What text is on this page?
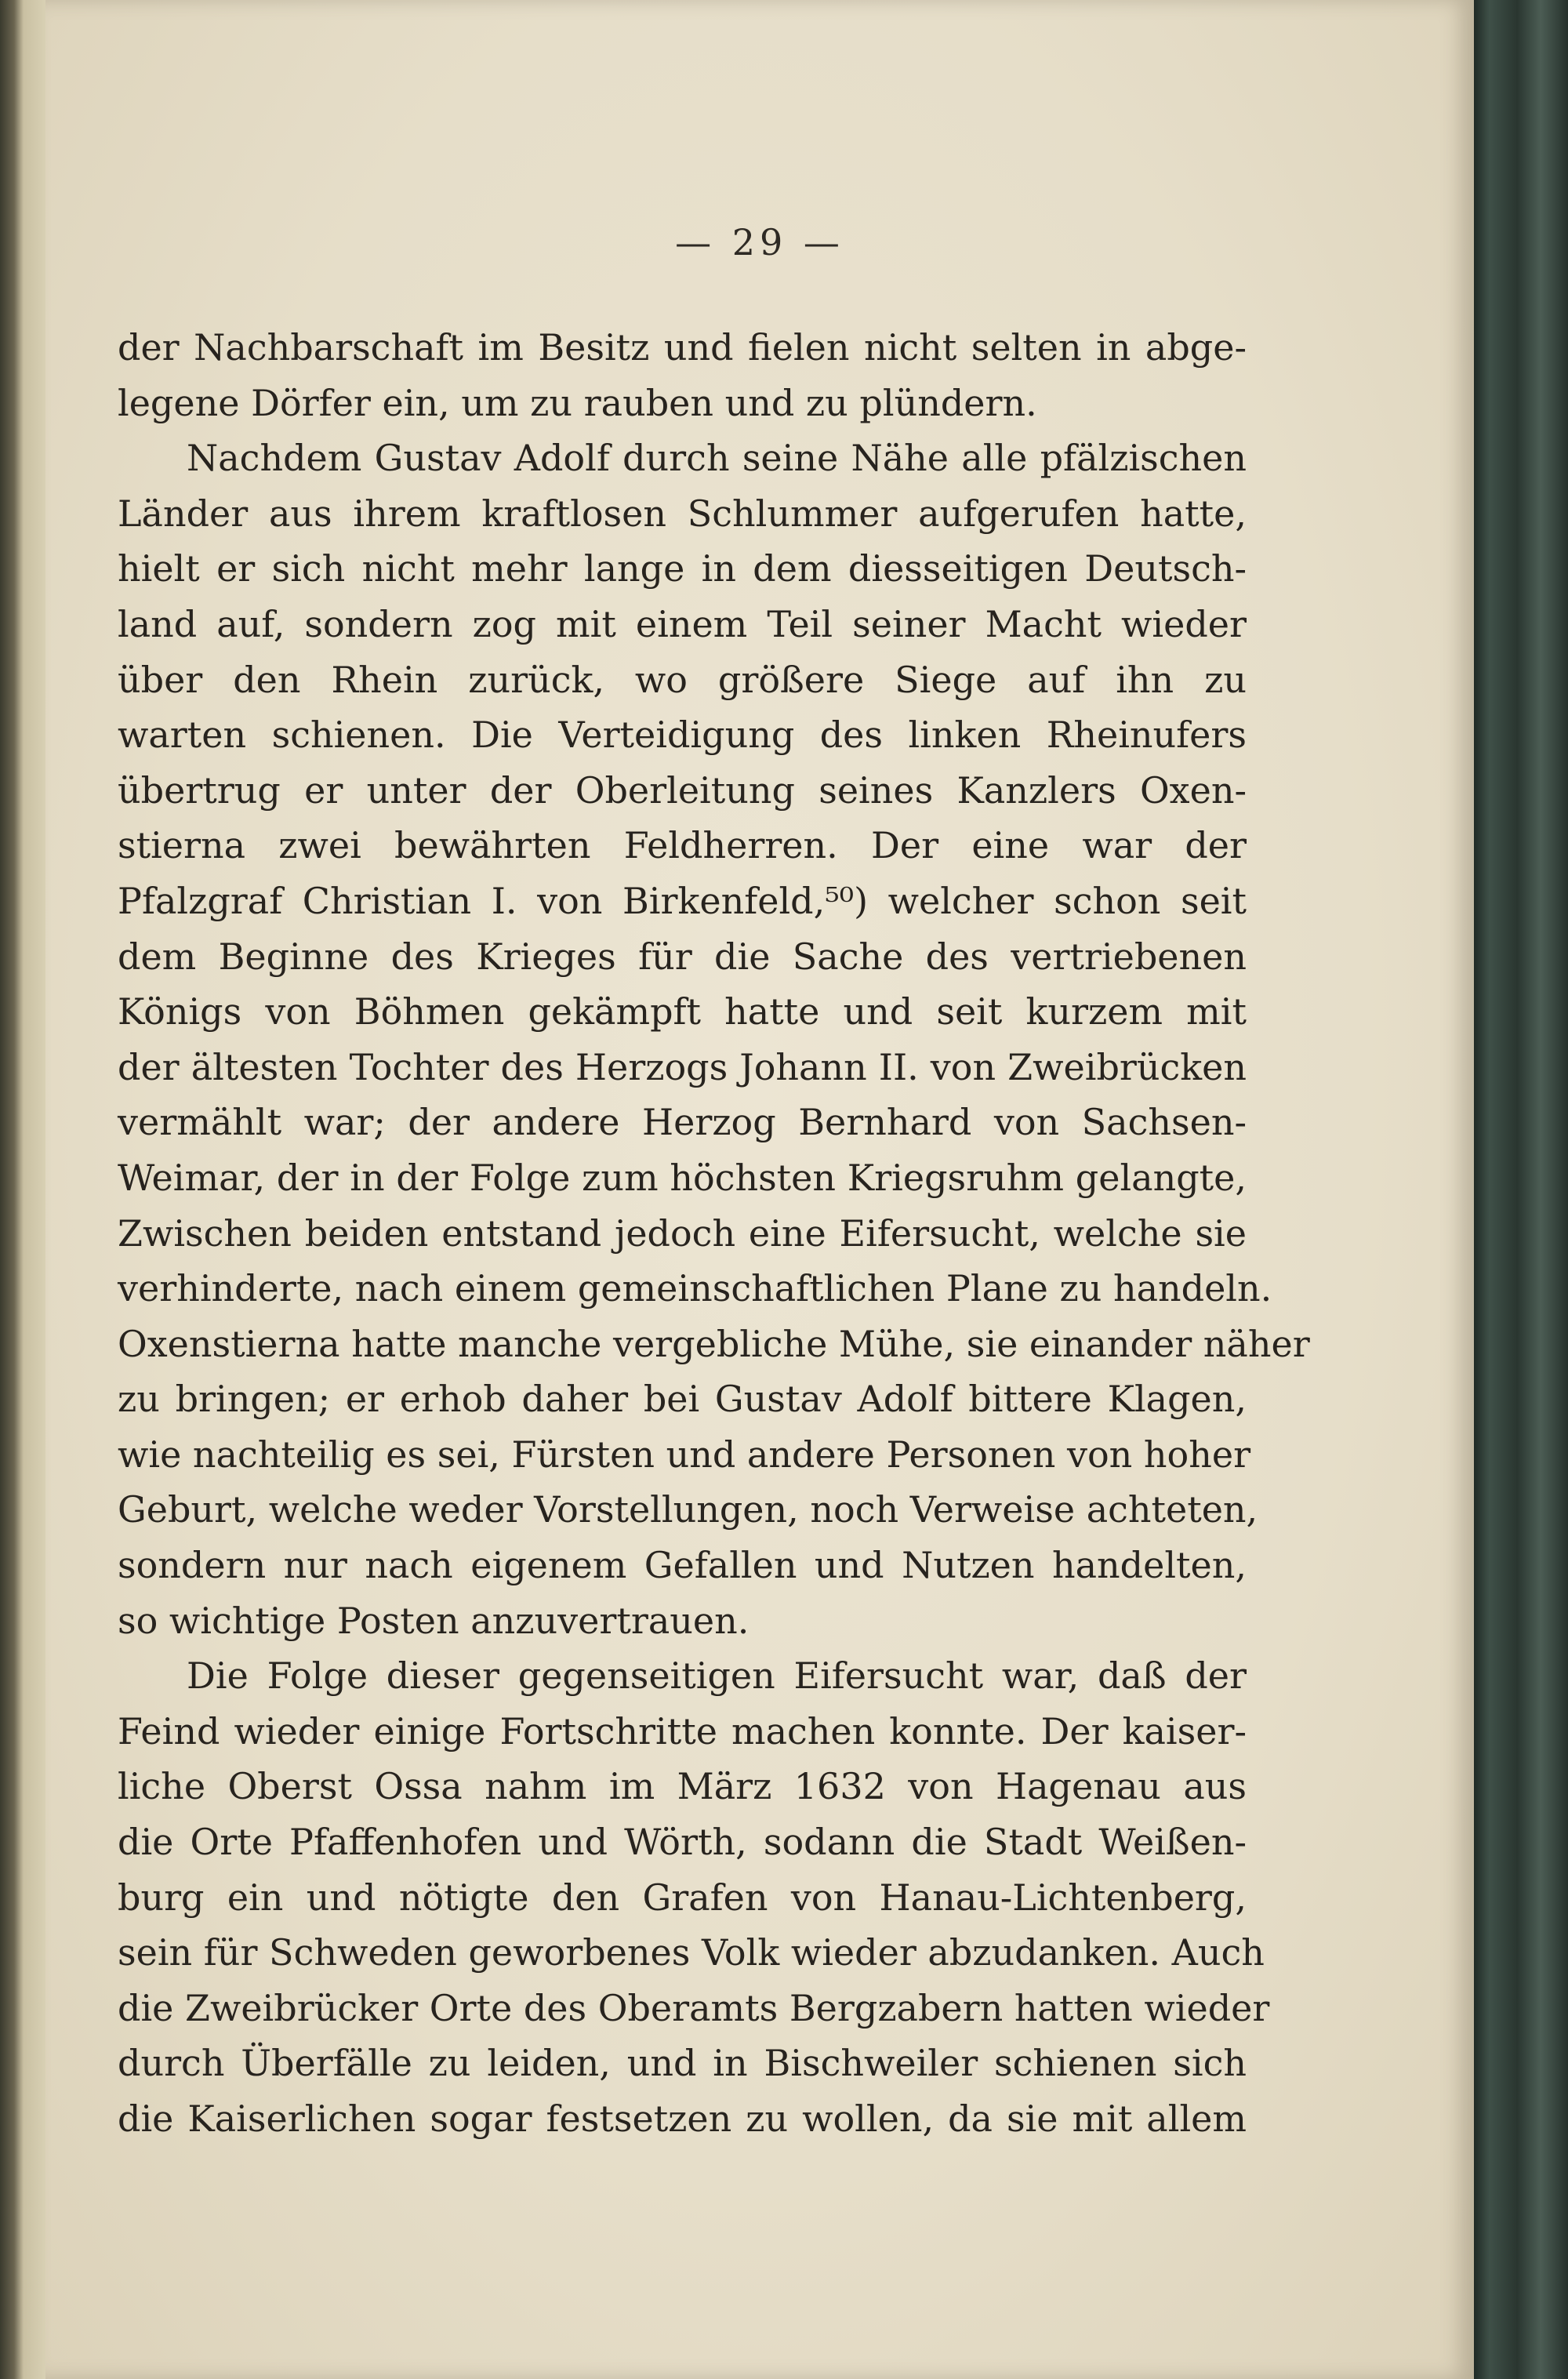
— 29 —
der Nachbarschaft im Besitz und fielen nicht selten in abge-
legene Dörfer ein, um zu rauben und zu plündern.
Nachdem Gustav Adolf durch seine Nähe alle pfälzischen
Länder aus ihrem kraftlosen Schlummer aufgerufen hatte,
hielt er sich nicht mehr lange in dem diesseitigen Deutsch-
land auf, sondern zog mit einem Teil seiner Macht wieder
über den Rhein zurück, wo größere Siege auf ihn zu
warten schienen. Die Verteidigung des linken Rheinufers
übertrug er unter der Oberleitung seines Kanzlers Oxen-
stierna zwei bewährten Feldherren. Der eine war der
Pfalzgraf Christian I. von Birkenfeld,⁵⁰) welcher schon seit
dem Beginne des Krieges für die Sache des vertriebenen
Königs von Böhmen gekämpft hatte und seit kurzem mit
der ältesten Tochter des Herzogs Johann II. von Zweibrücken
vermählt war; der andere Herzog Bernhard von Sachsen-
Weimar, der in der Folge zum höchsten Kriegsruhm gelangte,
Zwischen beiden entstand jedoch eine Eifersucht, welche sie
verhinderte, nach einem gemeinschaftlichen Plane zu handeln.
Oxenstierna hatte manche vergebliche Mühe, sie einander näher
zu bringen; er erhob daher bei Gustav Adolf bittere Klagen,
wie nachteilig es sei, Fürsten und andere Personen von hoher
Geburt, welche weder Vorstellungen, noch Verweise achteten,
sondern nur nach eigenem Gefallen und Nutzen handelten,
so wichtige Posten anzuvertrauen.
Die Folge dieser gegenseitigen Eifersucht war, daß der
Feind wieder einige Fortschritte machen konnte. Der kaiser-
liche Oberst Ossa nahm im März 1632 von Hagenau aus
die Orte Pfaffenhofen und Wörth, sodann die Stadt Weißen-
burg ein und nötigte den Grafen von Hanau-Lichtenberg,
sein für Schweden geworbenes Volk wieder abzudanken. Auch
die Zweibrücker Orte des Oberamts Bergzabern hatten wieder
durch Überfälle zu leiden, und in Bischweiler schienen sich
die Kaiserlichen sogar festsetzen zu wollen, da sie mit allem
